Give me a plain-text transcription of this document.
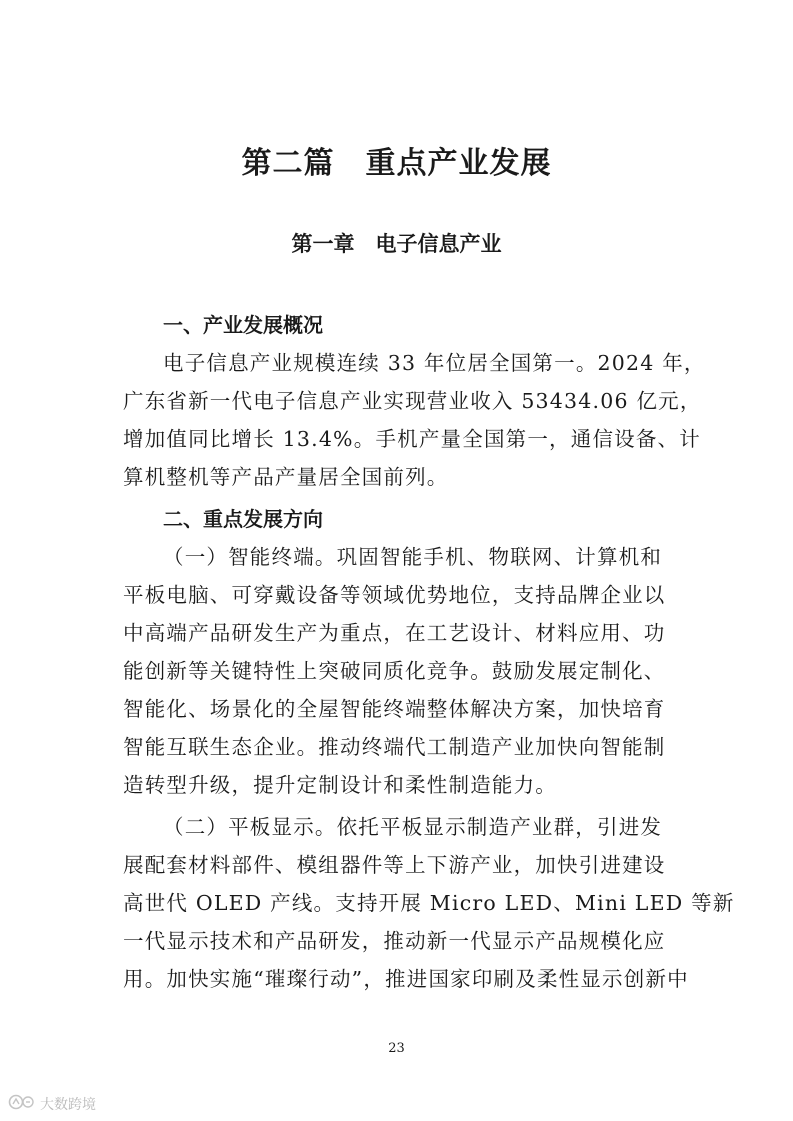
第二篇　重点产业发展
第一章　电子信息产业
一、产业发展概况
电子信息产业规模连续 33 年位居全国第一。2024 年，
广东省新一代电子信息产业实现营业收入 53434.06 亿元，
增加值同比增长 13.4%。手机产量全国第一，通信设备、计
算机整机等产品产量居全国前列。
二、重点发展方向
（一）智能终端。巩固智能手机、物联网、计算机和
平板电脑、可穿戴设备等领域优势地位，支持品牌企业以
中高端产品研发生产为重点，在工艺设计、材料应用、功
能创新等关键特性上突破同质化竞争。鼓励发展定制化、
智能化、场景化的全屋智能终端整体解决方案，加快培育
智能互联生态企业。推动终端代工制造产业加快向智能制
造转型升级，提升定制设计和柔性制造能力。
（二）平板显示。依托平板显示制造产业群，引进发
展配套材料部件、模组器件等上下游产业，加快引进建设
高世代 OLED 产线。支持开展 Micro LED、Mini LED 等新
一代显示技术和产品研发，推动新一代显示产品规模化应
用。加快实施“璀璨行动”，推进国家印刷及柔性显示创新中
23
大数跨境
